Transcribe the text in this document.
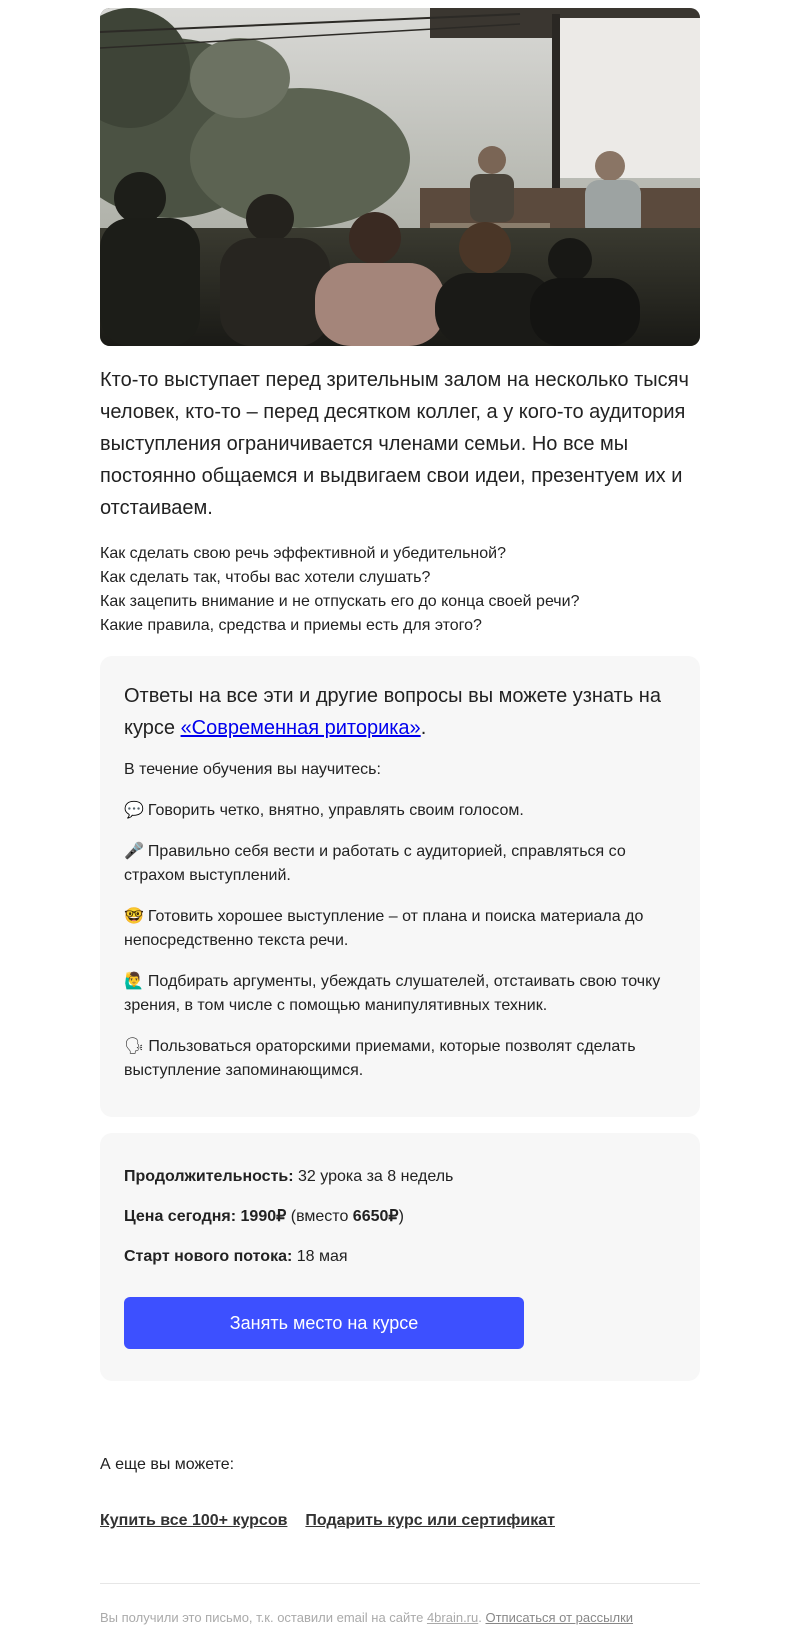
Кто-то выступает перед зрительным залом на несколько тысяч человек, кто-то – перед десятком коллег, а у кого-то аудитория выступления ограничивается членами семьи. Но все мы постоянно общаемся и выдвигаем свои идеи, презентуем их и отстаиваем.

Как сделать свою речь эффективной и убедительной?
Как сделать так, чтобы вас хотели слушать?
Как зацепить внимание и не отпускать его до конца своей речи?
Какие правила, средства и приемы есть для этого?
Ответы на все эти и другие вопросы вы можете узнать на курсе «Современная риторика».
В течение обучения вы научитесь:
💬 Говорить четко, внятно, управлять своим голосом.
🎤 Правильно себя вести и работать с аудиторией, справляться со страхом выступлений.
🤓 Готовить хорошее выступление – от плана и поиска материала до непосредственно текста речи.
🙋‍♂️ Подбирать аргументы, убеждать слушателей, отстаивать свою точку зрения, в том числе с помощью манипулятивных техник.
🗣 Пользоваться ораторскими приемами, которые позволят сделать выступление запоминающимся.
Продолжительность: 32 урока за 8 недель
Цена сегодня: 1990₽ (вместо 6650₽)
Старт нового потока: 18 мая
Занять место на курсе
А еще вы можете:
Купить все 100+ курсов Подарить курс или сертификат
Вы получили это письмо, т.к. оставили email на сайте 4brain.ru. Отписаться от рассылки
